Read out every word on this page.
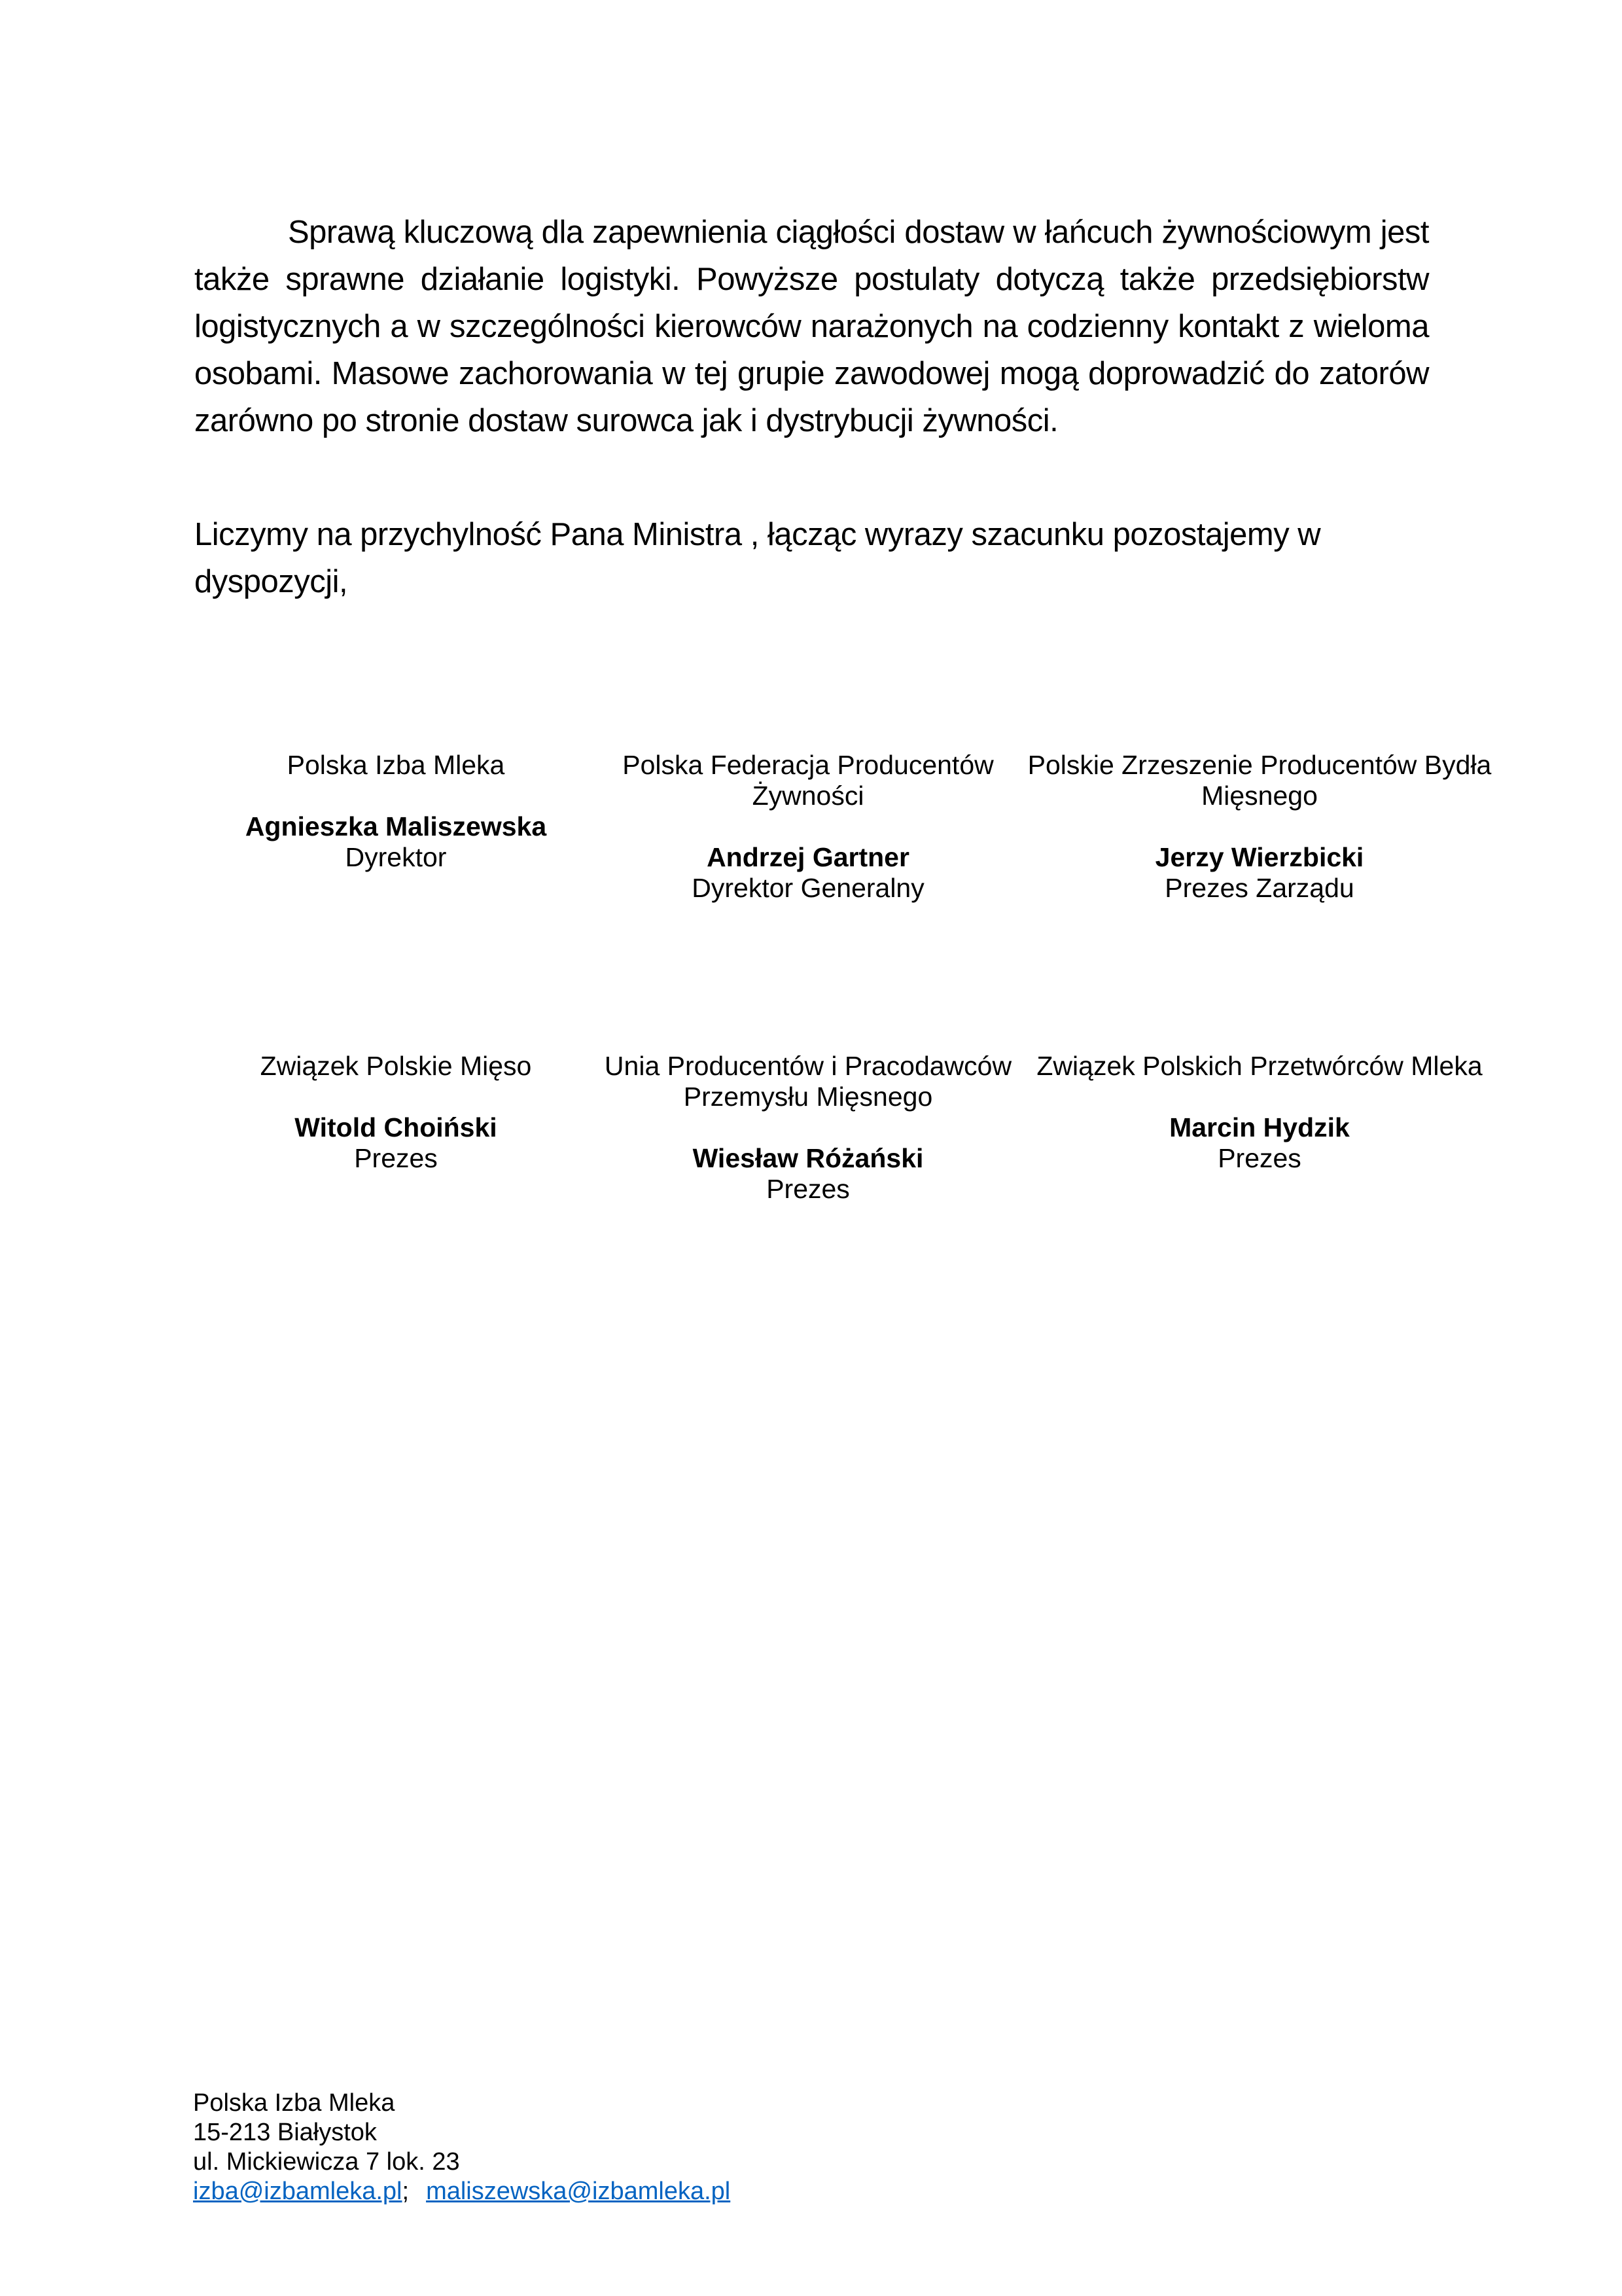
Sprawą kluczową dla zapewnienia ciągłości dostaw w łańcuch żywnościowym jest także sprawne działanie logistyki. Powyższe postulaty dotyczą także przedsiębiorstw logistycznych a w szczególności kierowców narażonych na codzienny kontakt z wieloma osobami. Masowe zachorowania w tej grupie zawodowej mogą doprowadzić do zatorów zarówno po stronie dostaw surowca jak i dystrybucji żywności.

Liczymy na przychylność Pana Ministra , łącząc wyrazy szacunku pozostajemy w dyspozycji,

Polska Izba Mleka
Agnieszka Maliszewska
Dyrektor
Polska Federacja Producentów
Żywności
Andrzej Gartner
Dyrektor Generalny
Polskie Zrzeszenie Producentów Bydła
Mięsnego
Jerzy Wierzbicki
Prezes Zarządu
Związek Polskie Mięso
Witold Choiński
Prezes
Unia Producentów i Pracodawców
Przemysłu Mięsnego
Wiesław Różański
Prezes
Związek Polskich Przetwórców Mleka
Marcin Hydzik
Prezes
Polska Izba Mleka
15-213 Białystok
ul. Mickiewicza 7 lok. 23
izba@izbamleka.pl ; maliszewska@izbamleka.pl
